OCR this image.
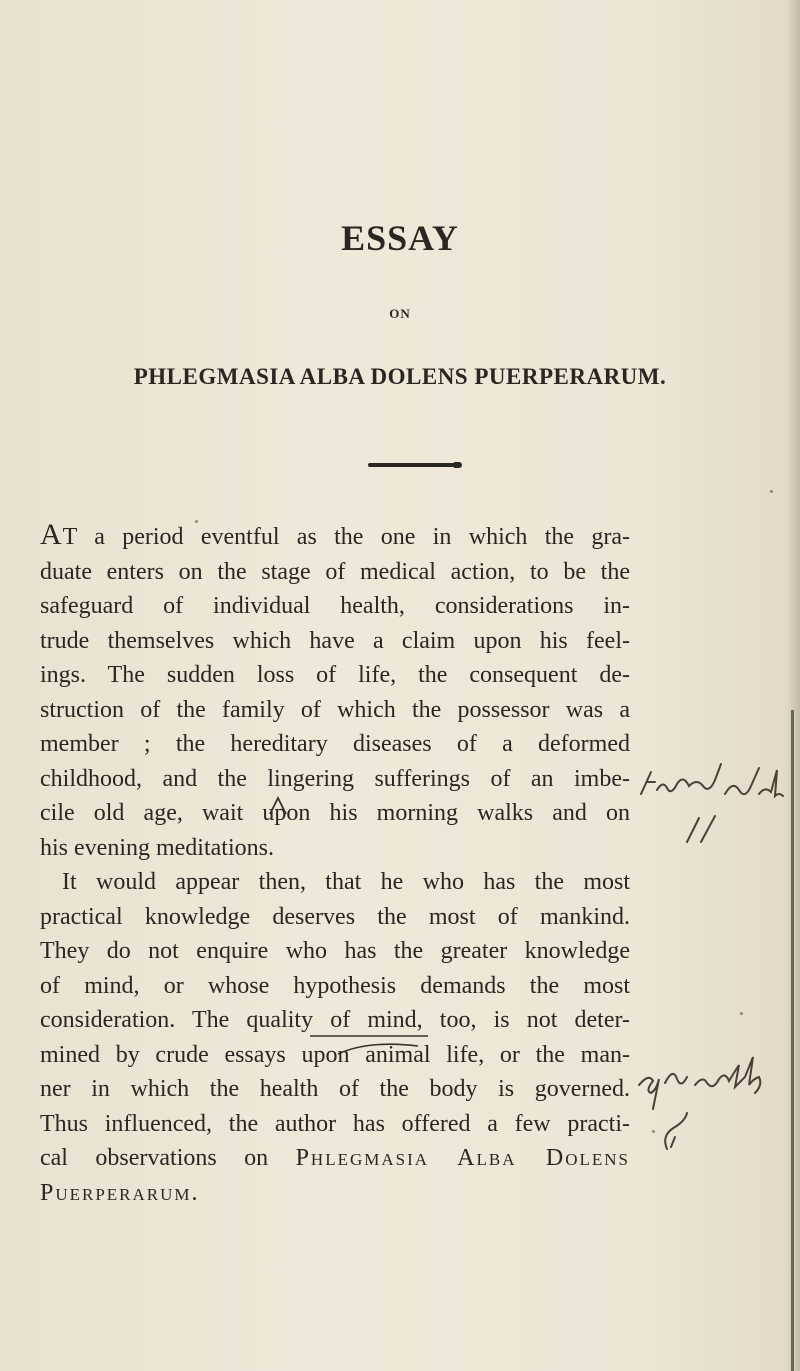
ESSAY
ON
PHLEGMASIA ALBA DOLENS PUERPERARUM.
AT a period eventful as the one in which the gra-
duate enters on the stage of medical action, to be the
safeguard of individual health, considerations in-
trude themselves which have a claim upon his feel-
ings. The sudden loss of life, the consequent de-
struction of the family of which the possessor was a
member ; the hereditary diseases of a deformed
childhood, and the lingering sufferings of an imbe-
cile old age, wait upon his morning walks and on
his evening meditations.
It would appear then, that he who has the most
practical knowledge deserves the most of mankind.
They do not enquire who has the greater knowledge
of mind, or whose hypothesis demands the most
consideration. The quality of mind, too, is not deter-
mined by crude essays upon animal life, or the man-
ner in which the health of the body is governed.
Thus influenced, the author has offered a few practi-
cal observations on Phlegmasia Alba Dolens
Puerperarum.
